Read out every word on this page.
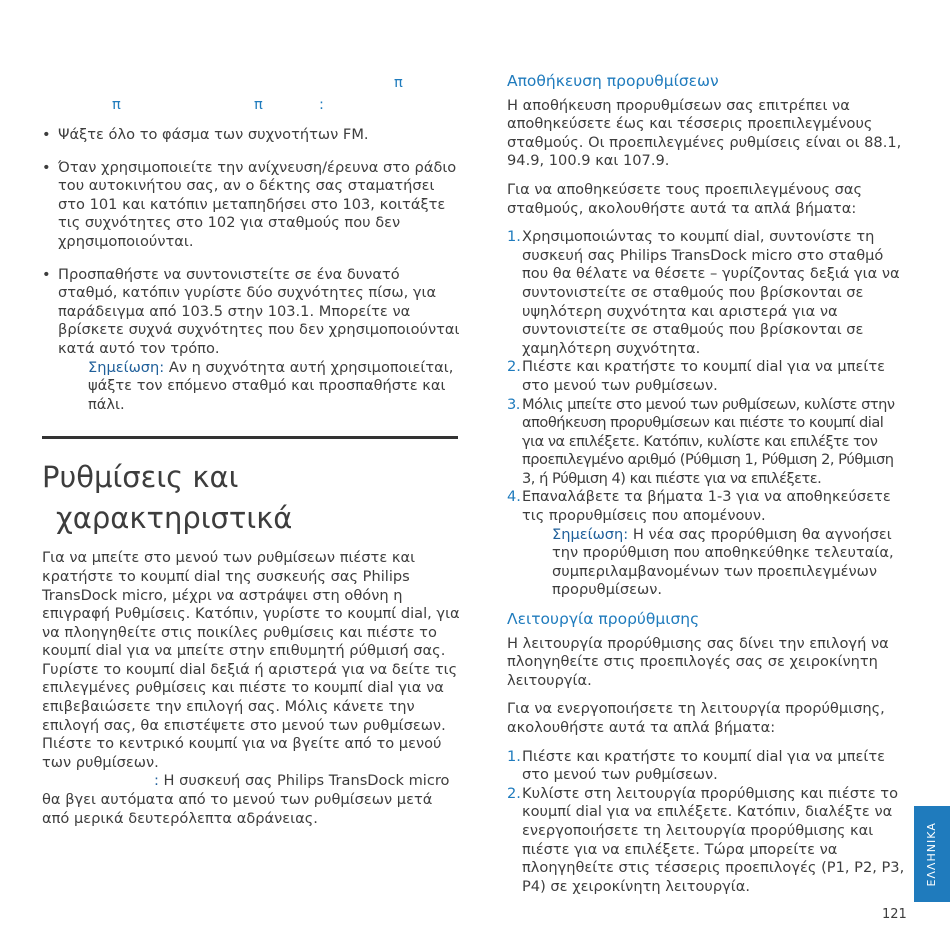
π

π	π	:
• Ψάξτε όλο το φάσμα των συχνοτήτων FM.
• Όταν χρησιμοποιείτε την ανίχνευση/έρευνα στο ράδιο του αυτοκινήτου σας, αν ο δέκτης σας σταματήσει στο 101 και κατόπιν μεταπηδήσει στο 103, κοιτάξτε τις συχνότητες στο 102 για σταθμούς που δεν χρησιμοποιούνται.
• Προσπαθήστε να συντονιστείτε σε ένα δυνατό σταθμό, κατόπιν γυρίστε δύο συχνότητες πίσω, για παράδειγμα από 103.5 στην 103.1. Μπορείτε να βρίσκετε συχνά συχνότητες που δεν χρησιμοποιούνται κατά αυτό τον τρόπο.
Σημείωση: Αν η συχνότητα αυτή χρησιμοποιείται, ψάξτε τον επόμενο σταθμό και προσπαθήστε και πάλι.
Ρυθμίσεις και
χαρακτηριστικά

Για να μπείτε στο μενού των ρυθμίσεων πιέστε και κρατήστε το κουμπί dial της συσκευής σας Philips TransDock micro, μέχρι να αστράψει στη οθόνη η επιγραφή Ρυθμίσεις. Κατόπιν, γυρίστε το κουμπί dial, για να πλοηγηθείτε στις ποικίλες ρυθμίσεις και πιέστε το κουμπί dial για να μπείτε στην επιθυμητή ρύθμισή σας. Γυρίστε το κουμπί dial δεξιά ή αριστερά για να δείτε τις επιλεγμένες ρυθμίσεις και πιέστε το κουμπί dial για να επιβεβαιώσετε την επιλογή σας. Μόλις κάνετε την επιλογή σας, θα επιστέψετε στο μενού των ρυθμίσεων. Πιέστε το κεντρικό κουμπί για να βγείτε από το μενού των ρυθμίσεων.
: Η συσκευή σας Philips TransDock micro θα βγει αυτόματα από το μενού των ρυθμίσεων μετά από μερικά δευτερόλεπτα αδράνειας.

Αποθήκευση προρυθμίσεων

Η αποθήκευση προρυθμίσεων σας επιτρέπει να αποθηκεύσετε έως και τέσσερις προεπιλεγμένους σταθμούς. Οι προεπιλεγμένες ρυθμίσεις είναι οι 88.1, 94.9, 100.9 και 107.9.

Για να αποθηκεύσετε τους προεπιλεγμένους σας σταθμούς, ακολουθήστε αυτά τα απλά βήματα:

1. Χρησιμοποιώντας το κουμπί dial, συντονίστε τη συσκευή σας Philips TransDock micro στο σταθμό που θα θέλατε να θέσετε – γυρίζοντας δεξιά για να συντονιστείτε σε σταθμούς που βρίσκονται σε υψηλότερη συχνότητα και αριστερά για να συντονιστείτε σε σταθμούς που βρίσκονται σε χαμηλότερη συχνότητα.
2. Πιέστε και κρατήστε το κουμπί dial για να μπείτε στο μενού των ρυθμίσεων.
3. Μόλις μπείτε στο μενού των ρυθμίσεων, κυλίστε στην αποθήκευση προρυθμίσεων και πιέστε το κουμπί dial για να επιλέξετε. Κατόπιν, κυλίστε και επιλέξτε τον προεπιλεγμένο αριθμό (Ρύθμιση 1, Ρύθμιση 2, Ρύθμιση 3, ή Ρύθμιση 4) και πιέστε για να επιλέξετε.
4. Επαναλάβετε τα βήματα 1-3 για να αποθηκεύσετε τις προρυθμίσεις που απομένουν.
Σημείωση: Η νέα σας προρύθμιση θα αγνοήσει την προρύθμιση που αποθηκεύθηκε τελευταία, συμπεριλαμβανομένων των προεπιλεγμένων προρυθμίσεων.
Λειτουργία προρύθμισης

Η λειτουργία προρύθμισης σας δίνει την επιλογή να πλοηγηθείτε στις προεπιλογές σας σε χειροκίνητη λειτουργία.

Για να ενεργοποιήσετε τη λειτουργία προρύθμισης, ακολουθήστε αυτά τα απλά βήματα:

1. Πιέστε και κρατήστε το κουμπί dial για να μπείτε στο μενού των ρυθμίσεων.
2. Κυλίστε στη λειτουργία προρύθμισης και πιέστε το κουμπί dial για να επιλέξετε. Κατόπιν, διαλέξτε να ενεργοποιήσετε τη λειτουργία προρύθμισης και πιέστε για να επιλέξετε. Τώρα μπορείτε να πλοηγηθείτε στις τέσσερις προεπιλογές (P1, P2, P3, P4) σε χειροκίνητη λειτουργία.
ΕΛΛΗΝΙΚΑ
121
